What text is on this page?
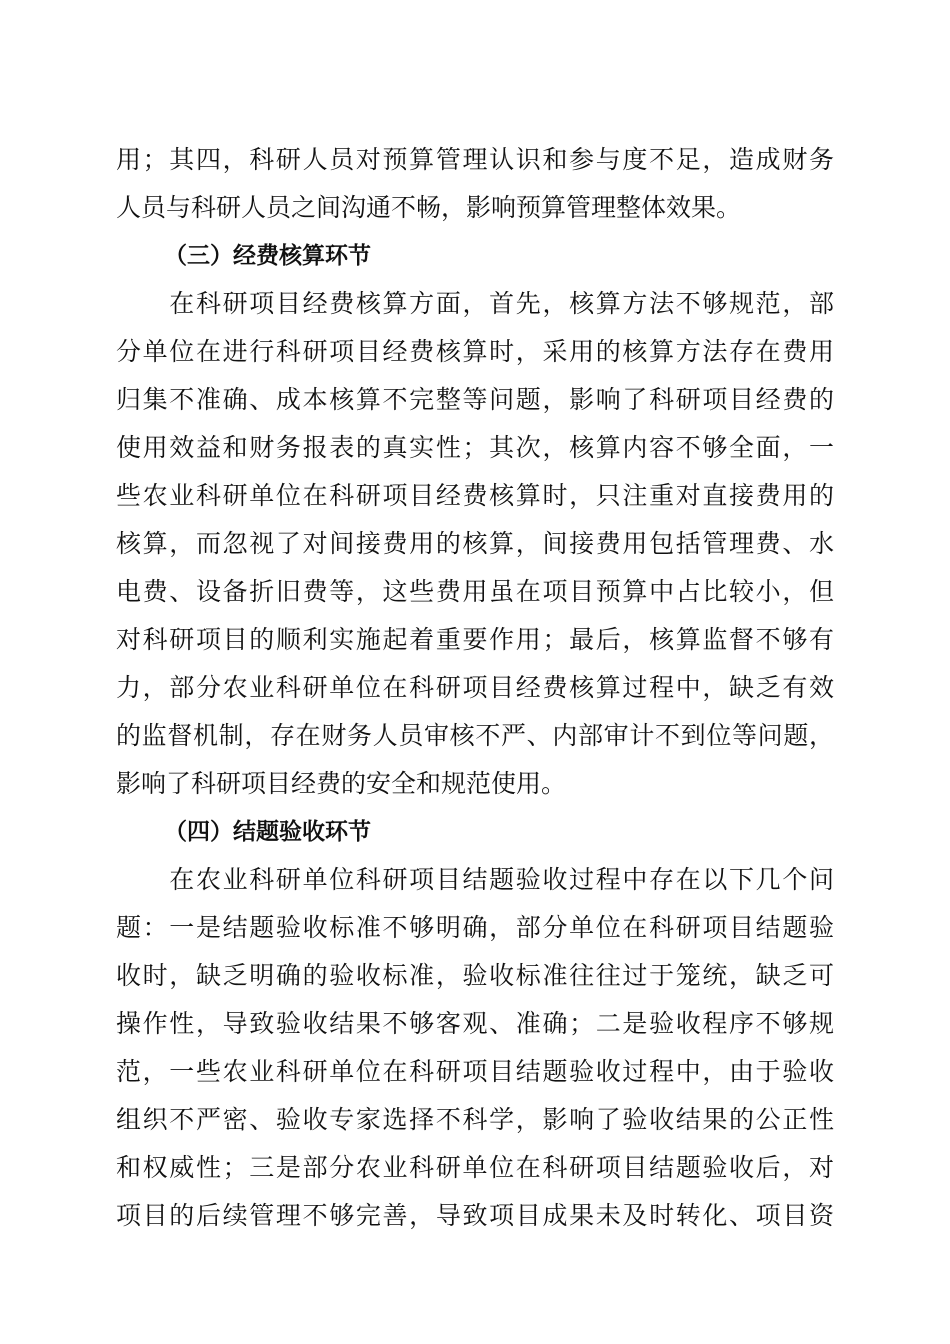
用；其四，科研人员对预算管理认识和参与度不足，造成财务
人员与科研人员之间沟通不畅，影响预算管理整体效果。
（三）经费核算环节
　　在科研项目经费核算方面，首先，核算方法不够规范，部
分单位在进行科研项目经费核算时，采用的核算方法存在费用
归集不准确、成本核算不完整等问题，影响了科研项目经费的
使用效益和财务报表的真实性；其次，核算内容不够全面，一
些农业科研单位在科研项目经费核算时，只注重对直接费用的
核算，而忽视了对间接费用的核算，间接费用包括管理费、水
电费、设备折旧费等，这些费用虽在项目预算中占比较小，但
对科研项目的顺利实施起着重要作用；最后，核算监督不够有
力，部分农业科研单位在科研项目经费核算过程中，缺乏有效
的监督机制，存在财务人员审核不严、内部审计不到位等问题，
影响了科研项目经费的安全和规范使用。
（四）结题验收环节
　　在农业科研单位科研项目结题验收过程中存在以下几个问
题：一是结题验收标准不够明确，部分单位在科研项目结题验
收时，缺乏明确的验收标准，验收标准往往过于笼统，缺乏可
操作性，导致验收结果不够客观、准确；二是验收程序不够规
范，一些农业科研单位在科研项目结题验收过程中，由于验收
组织不严密、验收专家选择不科学，影响了验收结果的公正性
和权威性；三是部分农业科研单位在科研项目结题验收后，对
项目的后续管理不够完善，导致项目成果未及时转化、项目资
